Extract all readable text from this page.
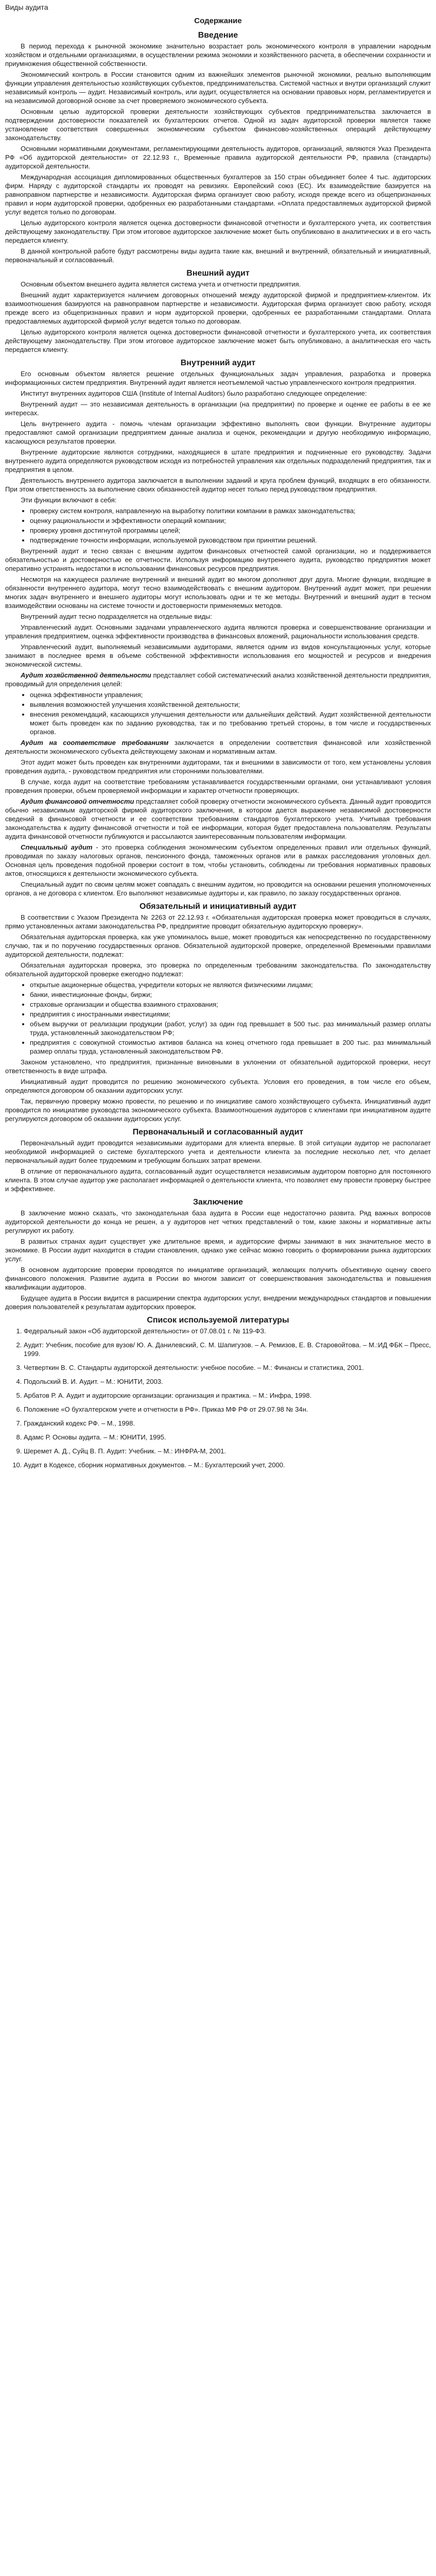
Виды аудита
Содержание
Введение

В период перехода к рыночной экономике значительно возрастает роль экономического контроля в управлении народным хозяйством и отдельными организациями, в осуществлении режима экономии и хозяйственного расчета, в обеспечении сохранности и приумножения общественной собственности.

Экономический контроль в России становится одним из важнейших элементов рыночной экономики, реально выполняющим функции управления деятельностью хозяйствующих субъектов, предпринимательства. Системой частных и внутри организаций служит независимый контроль — аудит. Независимый контроль, или аудит, осуществляется на основании правовых норм, регламентируется и на независимой договорной основе за счет проверяемого экономического субъекта.

Основным целью аудиторской проверки деятельности хозяйствующих субъектов предпринимательства заключается в подтверждении достоверности показателей их бухгалтерских отчетов. Одной из задач аудиторской проверки является также установление соответствия совершенных экономическим субъектом финансово-хозяйственных операций действующему законодательству.

Основными нормативными документами, регламентирующими деятельность аудиторов, организаций, являются Указ Президента РФ «Об аудиторской деятельности» от 22.12.93 г., Временные правила аудиторской деятельности РФ, правила (стандарты) аудиторской деятельности.

Международная ассоциация дипломированных общественных бухгалтеров за 150 стран объединяет более 4 тыс. аудиторских фирм. Наряду с аудиторской стандарты их проводят на ревизиях. Европейский союз (ЕС). Их взаимодействие базируется на равноправном партнерстве и независимости. Аудиторская фирма организует свою работу, исходя прежде всего из общепризнанных правил и норм аудиторской проверки, одобренных ею разработанными стандартами. «Оплата предоставляемых аудиторской фирмой услуг ведется только по договорам.

Целью аудиторского контроля является оценка достоверности финансовой отчетности и бухгалтерского учета, их соответствия действующему законодательству. При этом итоговое аудиторское заключение может быть опубликовано в аналитических и в его часть передается клиенту.

В данной контрольной работе будут рассмотрены виды аудита такие как, внешний и внутренний, обязательный и инициативный, первоначальный и согласованный.

Внешний аудит

Основным объектом внешнего аудита является система учета и отчетности предприятия.

Внешний аудит характеризуется наличием договорных отношений между аудиторской фирмой и предприятием-клиентом. Их взаимоотношения базируются на равноправном партнерстве и независимости. Аудиторская фирма организует свою работу, исходя прежде всего из общепризнанных правил и норм аудиторской проверки, одобренных ее разработанными стандартами. Оплата предоставляемых аудиторской фирмой услуг ведется только по договорам.

Целью аудиторского контроля является оценка достоверности финансовой отчетности и бухгалтерского учета, их соответствия действующему законодательству. При этом итоговое аудиторское заключение может быть опубликовано, а аналитическая его часть передается клиенту.

Внутренний аудит

Его основным объектом является решение отдельных функциональных задач управления, разработка и проверка информационных систем предприятия. Внутренний аудит является неотъемлемой частью управленческого контроля предприятия.

Институт внутренних аудиторов США (Institute of Internal Auditors) было разработано следующее определение:

Внутренний аудит — это независимая деятельность в организации (на предприятии) по проверке и оценке ее работы в ее же интересах.

Цель внутреннего аудита - помочь членам организации эффективно выполнять свои функции. Внутренние аудиторы предоставляют самой организации предприятием данные анализа и оценок, рекомендации и другую необходимую информацию, касающуюся результатов проверки.

Внутренние аудиторские являются сотрудники, находящиеся в штате предприятия и подчиненные его руководству. Задачи внутреннего аудита определяются руководством исходя из потребностей управления как отдельных подразделений предприятия, так и предприятия в целом.

Деятельность внутреннего аудитора заключается в выполнении заданий и круга проблем функций, входящих в его обязанности. При этом ответственность за выполнение своих обязанностей аудитор несет только перед руководством предприятия.

Эти функции включают в себя:

• проверку систем контроля, направленную на выработку политики компании в рамках законодательства;
• оценку рациональности и эффективности операций компании;
• проверку уровня достигнутой программы целей;
• подтверждение точности информации, используемой руководством при принятии решений.

Внутренний аудит и тесно связан с внешним аудитом финансовых отчетностей самой организации, но и поддерживается обязательностью и достоверностью ее отчетности. Используя информацию внутреннего аудита, руководство предприятия может оперативно устранять недостатки в использовании финансовых ресурсов предприятия.

Несмотря на кажущееся различие внутренний и внешний аудит во многом дополняют друг друга. Многие функции, входящие в обязанности внутреннего аудитора, могут тесно взаимодействовать с внешним аудитором. Внутренний аудит может, при решении многих задач внутреннего и внешнего аудиторы могут использовать одни и те же методы. Внутренний и внешний аудит в тесном взаимодействии основаны на системе точности и достоверности применяемых методов.

Внутренний аудит тесно подразделяется на отдельные виды:

Управленческий аудит. Основными задачами управленческого аудита являются проверка и совершенствование организации и управления предприятием, оценка эффективности производства в финансовых вложений, рациональности использования средств.

Управленческий аудит, выполняемый независимыми аудиторами, является одним из видов консультационных услуг, которые занимают в последнее время в объеме собственной эффективности использования его мощностей и ресурсов и внедрения экономической системы.

Аудит хозяйственной деятельности представляет собой систематический анализ хозяйственной деятельности предприятия, проводимый для определения целей:

• оценка эффективности управления;
• выявления возможностей улучшения хозяйственной деятельности;
• внесения рекомендаций, касающихся улучшения деятельности или дальнейших действий. Аудит хозяйственной деятельности может быть проведен как по заданию руководства, так и по требованию третьей стороны, в том числе и государственных органов.

Аудит на соответствие требованиям заключается в определении соответствия финансовой или хозяйственной деятельности экономического субъекта действующему законам и нормативным актам.

Этот аудит может быть проведен как внутренними аудиторами, так и внешними в зависимости от того, кем установлены условия проведения аудита, - руководством предприятия или сторонними пользователями.

В случае, когда аудит на соответствие требованиям устанавливается государственными органами, они устанавливают условия проведения проверки, объем проверяемой информации и характер отчетности проверяющих.

Аудит финансовой отчетности представляет собой проверку отчетности экономического субъекта. Данный аудит проводится обычно независимым аудиторской фирмой аудиторского заключения, в котором дается выражение независимой достоверности сведений в финансовой отчетности и ее соответствии требованиям стандартов бухгалтерского учета. Учитывая требования законодательства к аудиту финансовой отчетности и той ее информации, которая будет предоставлена пользователям. Результаты аудита финансовой отчетности публикуются и рассылаются заинтересованным пользователям информации.

Специальный аудит - это проверка соблюдения экономическим субъектом определенных правил или отдельных функций, проводимая по заказу налоговых органов, пенсионного фонда, таможенных органов или в рамках расследования уголовных дел. Основная цель проведения подобной проверки состоит в том, чтобы установить, соблюдены ли требования нормативных правовых актов, относящихся к деятельности экономического субъекта.

Специальный аудит по своим целям может совпадать с внешним аудитом, но проводится на основании решения уполномоченных органов, а не договора с клиентом. Его выполняют независимые аудиторы и, как правило, по заказу государственных органов.

Обязательный и инициативный аудит

В соответствии с Указом Президента № 2263 от 22.12.93 г. «Обязательная аудиторская проверка может проводиться в случаях, прямо установленных актами законодательства РФ, предприятие проводит обязательную аудиторскую проверку».

Обязательная аудиторская проверка, как уже упоминалось выше, может проводиться как непосредственно по государственному случаю, так и по поручению государственных органов. Обязательной аудиторской проверке, определенной Временными правилами аудиторской деятельности, подлежат:

Обязательная аудиторская проверка, это проверка по определенным требованиям законодательства. По законодательству обязательной аудиторской проверке ежегодно подлежат:

• открытые акционерные общества, учредители которых не являются физическими лицами;
• банки, инвестиционные фонды, биржи;
• страховые организации и общества взаимного страхования;
• предприятия с иностранными инвестициями;
• объем выручки от реализации продукции (работ, услуг) за один год превышает в 500 тыс. раз минимальный размер оплаты труда, установленный законодательством РФ;
• предприятия с совокупной стоимостью активов баланса на конец отчетного года превышает в 200 тыс. раз минимальный размер оплаты труда, установленный законодательством РФ.

Законом установлено, что предприятия, признанные виновными в уклонении от обязательной аудиторской проверки, несут ответственность в виде штрафа.

Инициативный аудит проводится по решению экономического субъекта. Условия его проведения, в том числе его объем, определяются договором об оказании аудиторских услуг.

Так, первичную проверку можно провести, по решению и по инициативе самого хозяйствующего субъекта. Инициативный аудит проводится по инициативе руководства экономического субъекта. Взаимоотношения аудиторов с клиентами при инициативном аудите регулируются договором об оказании аудиторских услуг.

Первоначальный и согласованный аудит

Первоначальный аудит проводится независимыми аудиторами для клиента впервые. В этой ситуации аудитор не располагает необходимой информацией о системе бухгалтерского учета и деятельности клиента за последние несколько лет, что делает первоначальный аудит более трудоемким и требующим больших затрат времени.

В отличие от первоначального аудита, согласованный аудит осуществляется независимым аудитором повторно для постоянного клиента. В этом случае аудитор уже располагает информацией о деятельности клиента, что позволяет ему провести проверку быстрее и эффективнее.

Заключение

В заключение можно сказать, что законодательная база аудита в России еще недостаточно развита. Ряд важных вопросов аудиторской деятельности до конца не решен, а у аудиторов нет четких представлений о том, какие законы и нормативные акты регулируют их работу.

В развитых странах аудит существует уже длительное время, и аудиторские фирмы занимают в них значительное место в экономике. В России аудит находится в стадии становления, однако уже сейчас можно говорить о формировании рынка аудиторских услуг.

В основном аудиторские проверки проводятся по инициативе организаций, желающих получить объективную оценку своего финансового положения. Развитие аудита в России во многом зависит от совершенствования законодательства и повышения квалификации аудиторов.

Будущее аудита в России видится в расширении спектра аудиторских услуг, внедрении международных стандартов и повышении доверия пользователей к результатам аудиторских проверок.

Список используемой литературы
1. Федеральный закон «Об аудиторской деятельности» от 07.08.01 г. № 119-ФЗ.
2. Аудит: Учебник, пособие для вузов/ Ю. А. Данилевский, С. М. Шапигузов. – А. Ремизов, Е. В. Старовойтова. – М.:ИД ФБК – Пресс, 1999.
3. Четверткин В. С. Стандарты аудиторской деятельности: учебное пособие. – М.: Финансы и статистика, 2001.
4. Подольский В. И. Аудит. – М.: ЮНИТИ, 2003.
5. Арбатов Р. А. Аудит и аудиторские организации: организация и практика. – М.: Инфра, 1998.
6. Положение «О бухгалтерском учете и отчетности в РФ». Приказ МФ РФ от 29.07.98 № 34н.
7. Гражданский кодекс РФ. – М., 1998.
8. Адамс Р. Основы аудита. – М.: ЮНИТИ, 1995.
9. Шеремет А. Д., Суйц В. П. Аудит: Учебник. – М.: ИНФРА-М, 2001.
10. Аудит в Кодексе, сборник нормативных документов. – М.: Бухгалтерский учет, 2000.
